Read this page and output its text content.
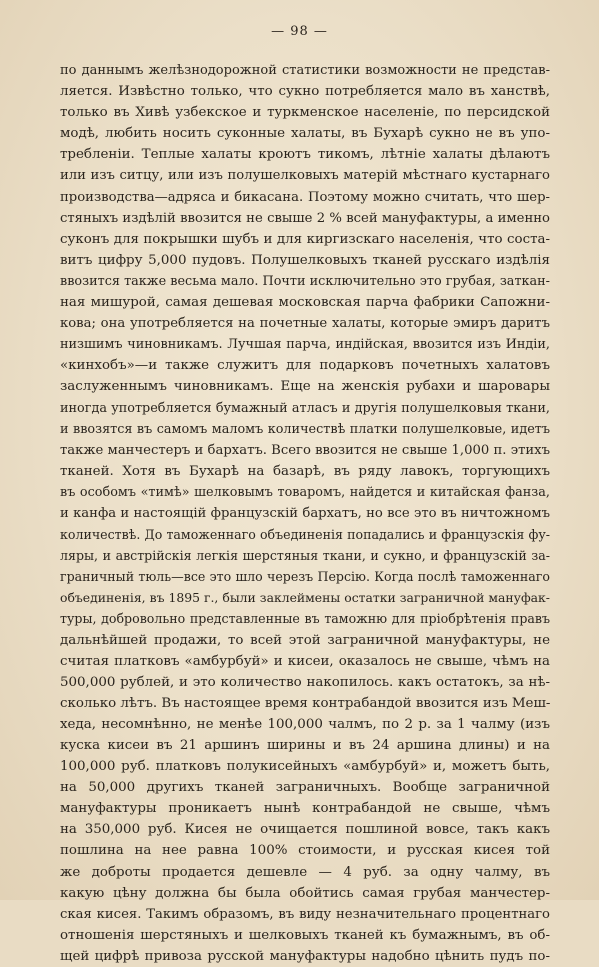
— 98 —
по даннымъ желѣзнодорожной статистики возможности не представ-
ляется. Извѣстно только, что сукно потребляется мало въ ханствѣ,
только въ Хивѣ узбекское и туркменское населеніе, по персидской
модѣ, любить носить суконные халаты, въ Бухарѣ сукно не въ упо-
требленіи. Теплые халаты кроютъ тикомъ, лѣтніе халаты дѣлаютъ
или изъ ситцу, или изъ полушелковыхъ матерій мѣстнаго кустарнаго
производства—адряса и бикасана. Поэтому можно считать, что шер-
стяныхъ издѣлій ввозится не свыше 2 % всей мануфактуры, а именно
суконъ для покрышки шубъ и для киргизскаго населенія, что соста-
витъ цифру 5,000 пудовъ. Полушелковыхъ тканей русскаго издѣлія
ввозится также весьма мало. Почти исключительно это грубая, заткан-
ная мишурой, самая дешевая московская парча фабрики Сапожни-
кова; она употребляется на почетные халаты, которые эмиръ даритъ
низшимъ чиновникамъ. Лучшая парча, индійская, ввозится изъ Индіи,
«кинхобъ»—и также служитъ для подарковъ почетныхъ халатовъ
заслуженнымъ чиновникамъ. Еще на женскія рубахи и шаровары
иногда употребляется бумажный атласъ и другія полушелковыя ткани,
и ввозятся въ самомъ маломъ количествѣ платки полушелковые, идетъ
также манчестеръ и бархатъ. Всего ввозится не свыше 1,000 п. этихъ
тканей. Хотя въ Бухарѣ на базарѣ, въ ряду лавокъ, торгующихъ
въ особомъ «тимѣ» шелковымъ товаромъ, найдется и китайская фанза,
и канфа и настоящій французскій бархатъ, но все это въ ничтожномъ
количествѣ. До таможеннаго объединенія попадались и французскія фу-
ляры, и австрійскія легкія шерстяныя ткани, и сукно, и французскій за-
граничный тюль—все это шло черезъ Персію. Когда послѣ таможеннаго
объединенія, въ 1895 г., были заклеймены остатки заграничной мануфак-
туры, добровольно представленные въ таможню для пріобрѣтенія правъ
дальнѣйшей продажи, то всей этой заграничной мануфактуры, не
считая платковъ «амбурбуй» и кисеи, оказалось не свыше, чѣмъ на
500,000 рублей, и это количество накопилось. какъ остатокъ, за нѣ-
сколько лѣтъ. Въ настоящее время контрабандой ввозится изъ Меш-
хеда, несомнѣнно, не менѣе 100,000 чалмъ, по 2 р. за 1 чалму (изъ
куска кисеи въ 21 аршинъ ширины и въ 24 аршина длины) и на
100,000 руб. платковъ полукисейныхъ «амбурбуй» и, можетъ быть,
на 50,000 другихъ тканей заграничныхъ. Вообще заграничной
мануфактуры проникаетъ нынѣ контрабандой не свыше, чѣмъ
на 350,000 руб. Кисея не очищается пошлиной вовсе, такъ какъ
пошлина на нее равна 100% стоимости, и русская кисея той
же доброты продается дешевле — 4 руб. за одну чалму, въ
какую цѣну должна бы была обойтись самая грубая манчестер-
ская кисея. Такимъ образомъ, въ виду незначительнаго процентнаго
отношенія шерстяныхъ и шелковыхъ тканей къ бумажнымъ, въ об-
щей цифрѣ привоза русской мануфактуры надобно цѣнить пудъ по-
